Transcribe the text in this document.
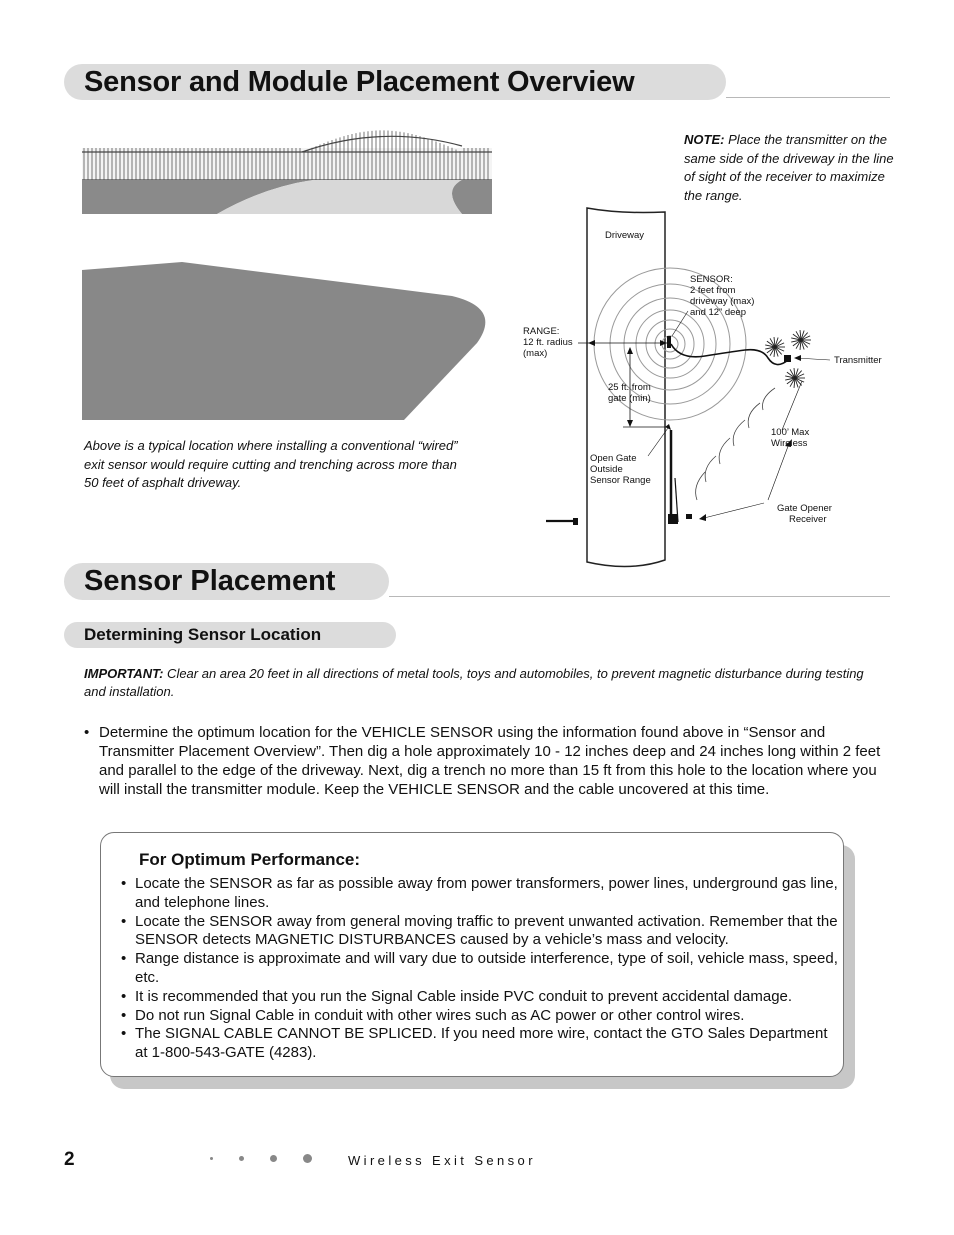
Sensor and Module Placement Overview
NOTE: Place the transmitter on the same side of the driveway in the line of sight of the receiver to maximize the range.
Above is a typical location where installing a conventional “wired” exit sensor would require cutting and trenching across more than 50 feet of asphalt driveway.
Driveway
SENSOR: 2 feet from driveway (max) and 12” deep
RANGE: 12 ft. radius (max)
Transmitter
25 ft. from gate (min)
100’ Max Wireless
Open Gate Outside Sensor Range
Gate Opener Receiver
Sensor Placement
Determining Sensor Location
IMPORTANT: Clear an area 20 feet in all directions of metal tools, toys and automobiles, to prevent magnetic disturbance during testing and installation.
• Determine the optimum location for the VEHICLE SENSOR using the information found above in “Sensor and Transmitter Placement Overview”. Then dig a hole approximately 10 - 12 inches deep and 24 inches long within 2 feet and parallel to the edge of the driveway. Next, dig a trench no more than 15 ft from this hole to the location where you will install the transmitter module. Keep the VEHICLE SENSOR and the cable uncovered at this time.
For Optimum Performance:
• Locate the SENSOR as far as possible away from power transformers, power lines, underground gas line, and telephone lines.
• Locate the SENSOR away from general moving traffic to prevent unwanted activation. Remember that the SENSOR detects MAGNETIC DISTURBANCES caused by a vehicle’s mass and velocity.
• Range distance is approximate and will vary due to outside interference, type of soil, vehicle mass, speed, etc.
• It is recommended that you run the Signal Cable inside PVC conduit to prevent accidental damage.
• Do not run Signal Cable in conduit with other wires such as AC power or other control wires.
• The SIGNAL CABLE CANNOT BE SPLICED. If you need more wire, contact the GTO Sales Department at 1-800-543-GATE (4283).
2	Wireless Exit Sensor
